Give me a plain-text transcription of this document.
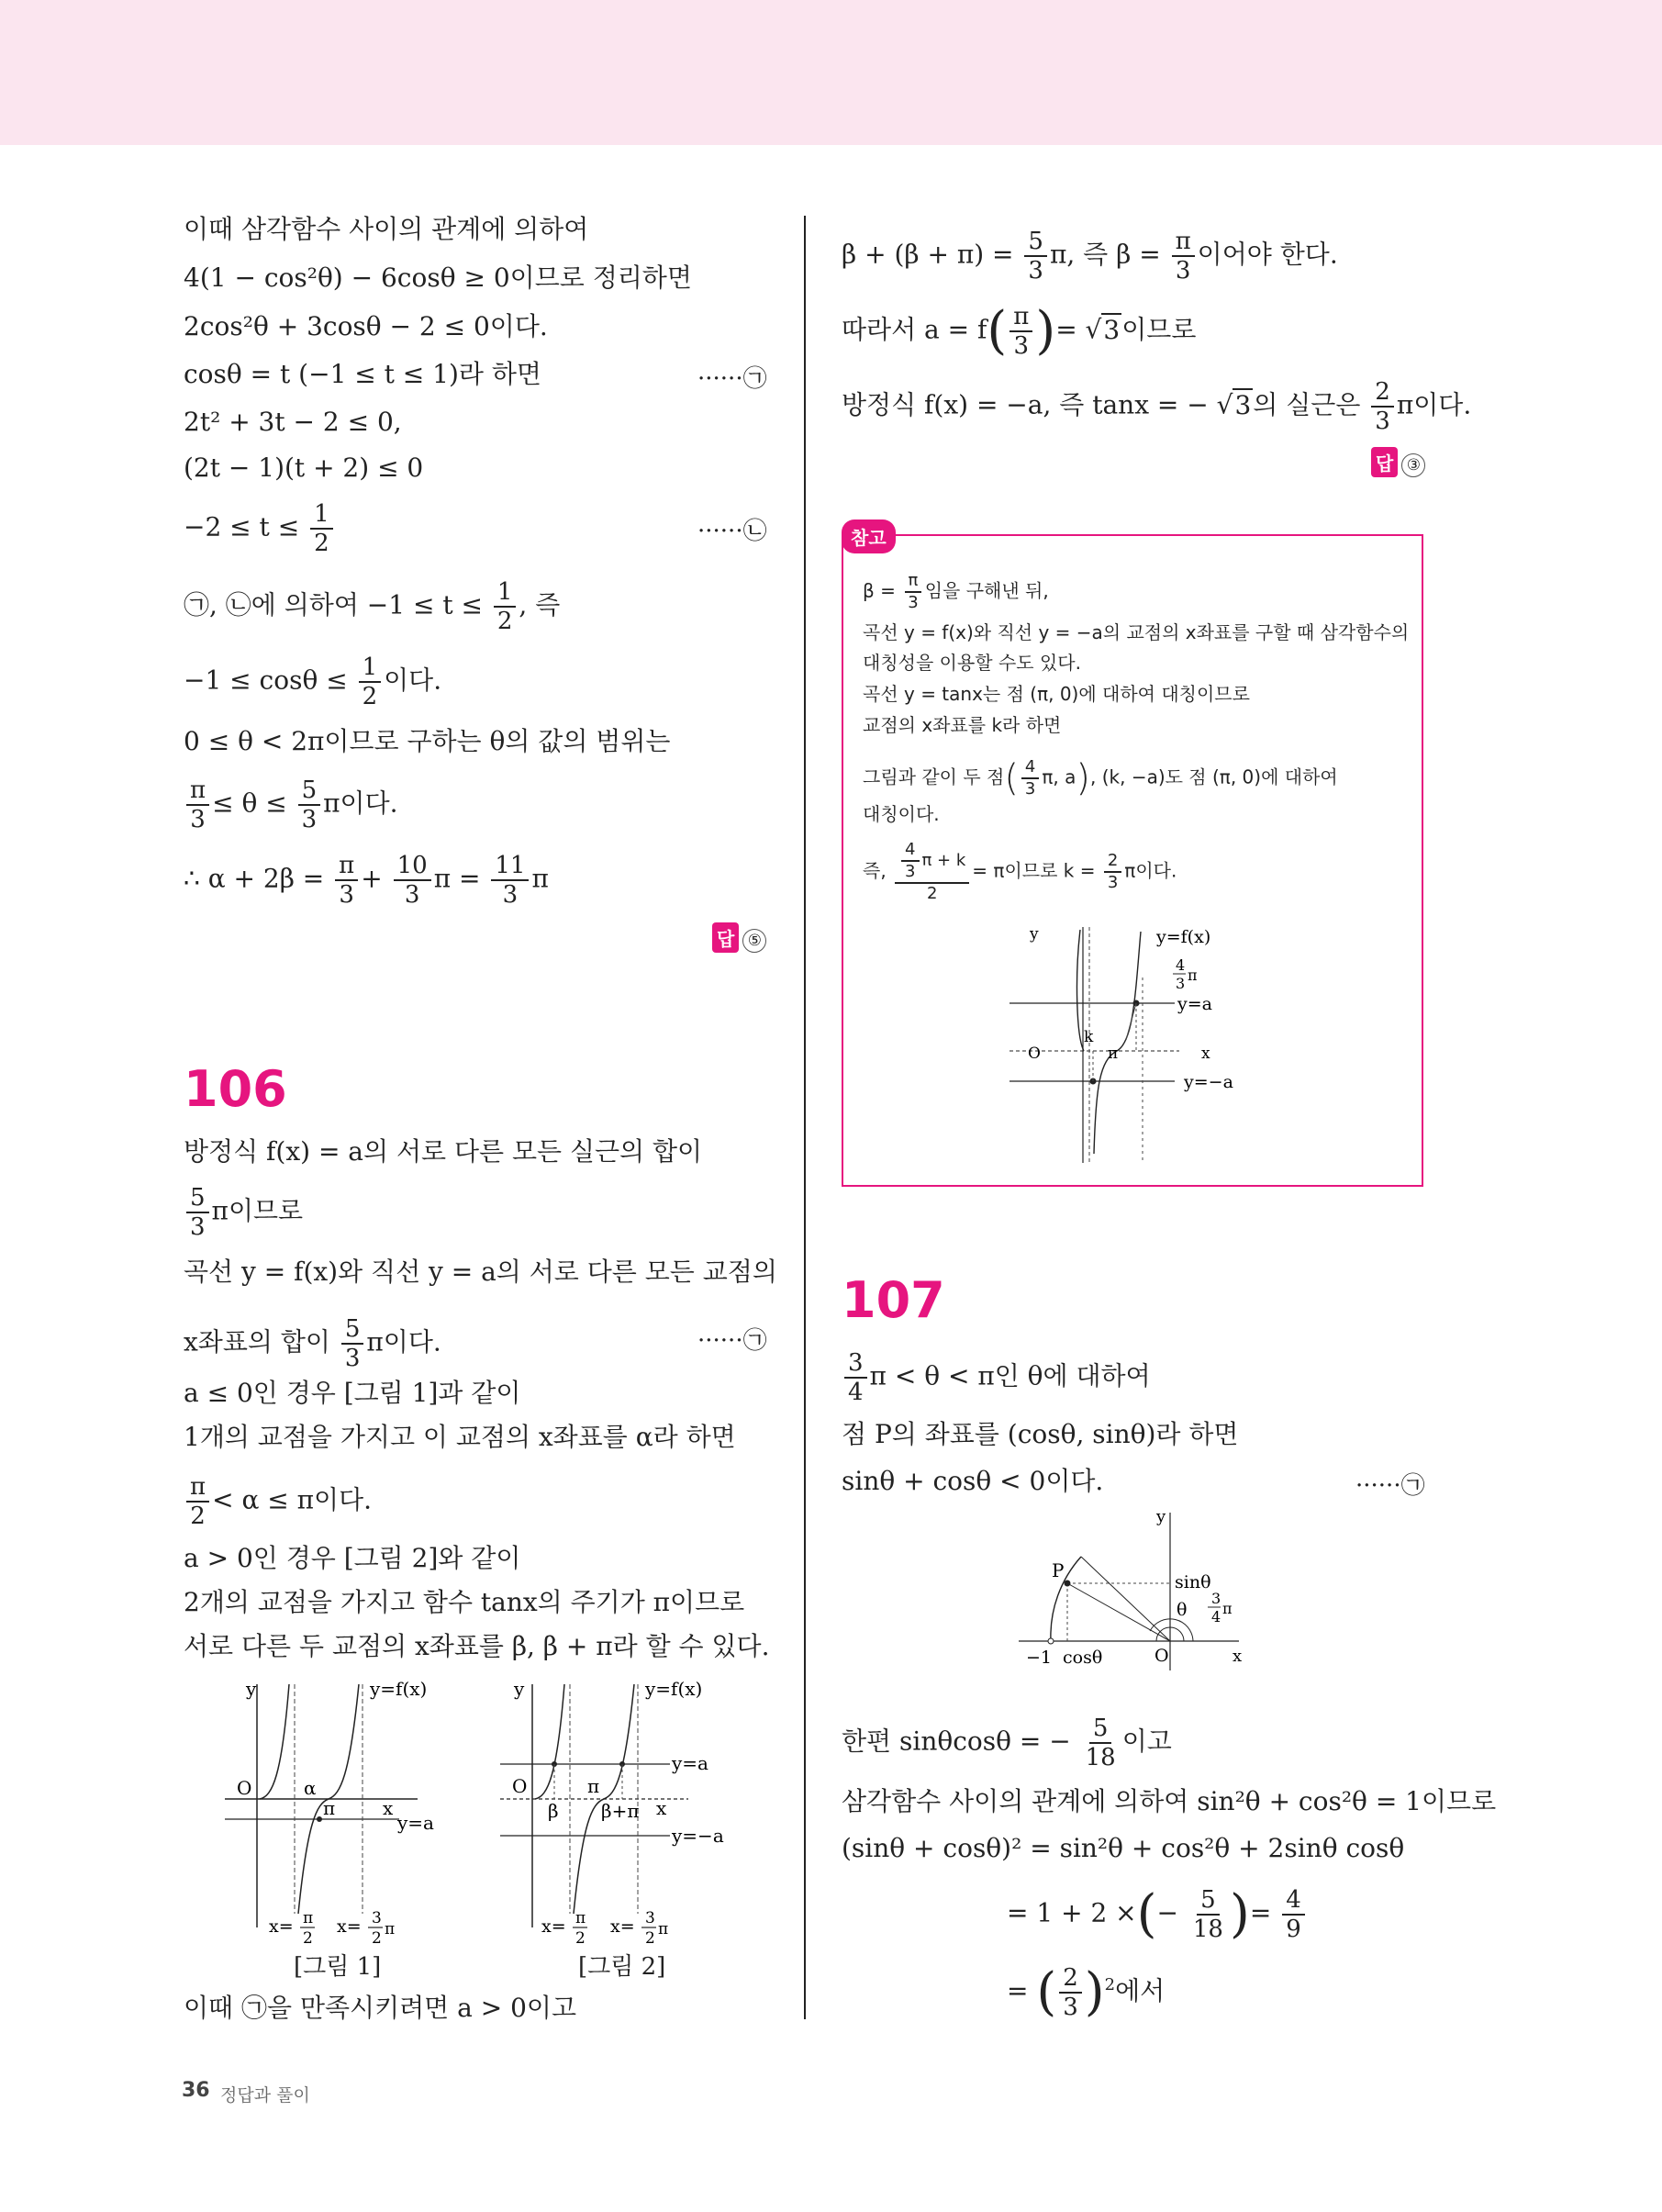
이때 삼각함수 사이의 관계에 의하여
4(1 − cos²θ) − 6cosθ ≥ 0이므로 정리하면
2cos²θ + 3cosθ − 2 ≤ 0이다.
cosθ = t (−1 ≤ t ≤ 1)라 하면	······㉠
2t² + 3t − 2 ≤ 0,
(2t − 1)(t + 2) ≤ 0
$-2 \le t \le \frac{1}{2}$	······㉡
㉠, ㉡에 의하여 $-1 \le t \le \frac{1}{2}$ , 즉
$-1 \le \cos\theta \le \frac{1}{2}$ 이다.
0 ≤ θ < 2π이므로 구하는 θ의 값의 범위는
$\frac{\pi}{3} \le \theta \le \frac{5}{3}$ π이다.
∴ $\alpha + 2\beta = \frac{\pi}{3} + \frac{10}{3}$ $\pi = \frac{11}{3}$ π
답 ⑤
106
방정식 f(x) = a의 서로 다른 모든 실근의 합이
$\frac{5}{3}$ π이므로
곡선 y = f(x)와 직선 y = a의 서로 다른 모든 교점의
x좌표의 합이 $\frac{5}{3}$ π이다.	······㉠
a ≤ 0인 경우 [그림 1]과 같이
1개의 교점을 가지고 이 교점의 x좌표를 α라 하면
$\frac{\pi}{2} < \alpha \le \pi$이다.
a > 0인 경우 [그림 2]와 같이
2개의 교점을 가지고 함수 tanx의 주기가 π이므로
서로 다른 두 교점의 x좌표를 β, β + π라 할 수 있다.
y	y=f(x)
O	α
π	x
y=a
x= π
2
x= 3
2 π
[그림 1]
y	y=f(x)
O
β
π
β+π x
y=a
y=−a
x= π
2
x= 3
2 π
[그림 2]
이때 ㉠을 만족시키려면 a > 0이고
$\beta + (\beta + \pi) = \frac{5}{3} \pi$, 즉 $\beta = \frac{\pi}{3}$ 이어야 한다.
따라서 $a = f( \frac{\pi}{3}$ )= √3이므로
방정식 f(x) = −a, 즉 tanx = − √3의 실근은 $\frac{2}{3}$ π이다.
답 ③
참고
$\beta = \frac{\pi}{3}$ 임을 구해낸 뒤,
곡선 y = f(x)와 직선 y = −a의 교점의 x좌표를 구할 때 삼각함수의
대칭성을 이용할 수도 있다.
곡선 y = tanx는 점 (π, 0)에 대하여 대칭이므로
교점의 x좌표를 k라 하면
그림과 같이 두 점( $\frac{4}{3} \pi$, a), (k, −a)도 점 (π, 0)에 대하여
대칭이다.
즉, $\frac{\frac{4}{3} \pi + k}{2} = \pi$이므로 $k = \frac{2}{3}$ π이다.
y	y=f(x)
4
3 π
y=a
O
k
π	x
y=−a
107
$\frac{3}{4}$ π < θ < π인 θ에 대하여
점 P의 좌표를 (cosθ, sinθ)라 하면
sinθ + cosθ < 0이다.	······㉠
y
P
sinθ
θ
3
4 π
−1 cosθ	O	x
한편 sinθcosθ = − $\frac{5}{18}$ 이고
삼각함수 사이의 관계에 의하여 sin²θ + cos²θ = 1이므로
(sinθ + cosθ)² = sin²θ + cos²θ + 2sinθ cosθ
= 1 + 2 ×(− $\frac{5}{18}$ )= $\frac{4}{9}$
= ( $\frac{2}{3} )^2$에서
36 정답과 풀이
